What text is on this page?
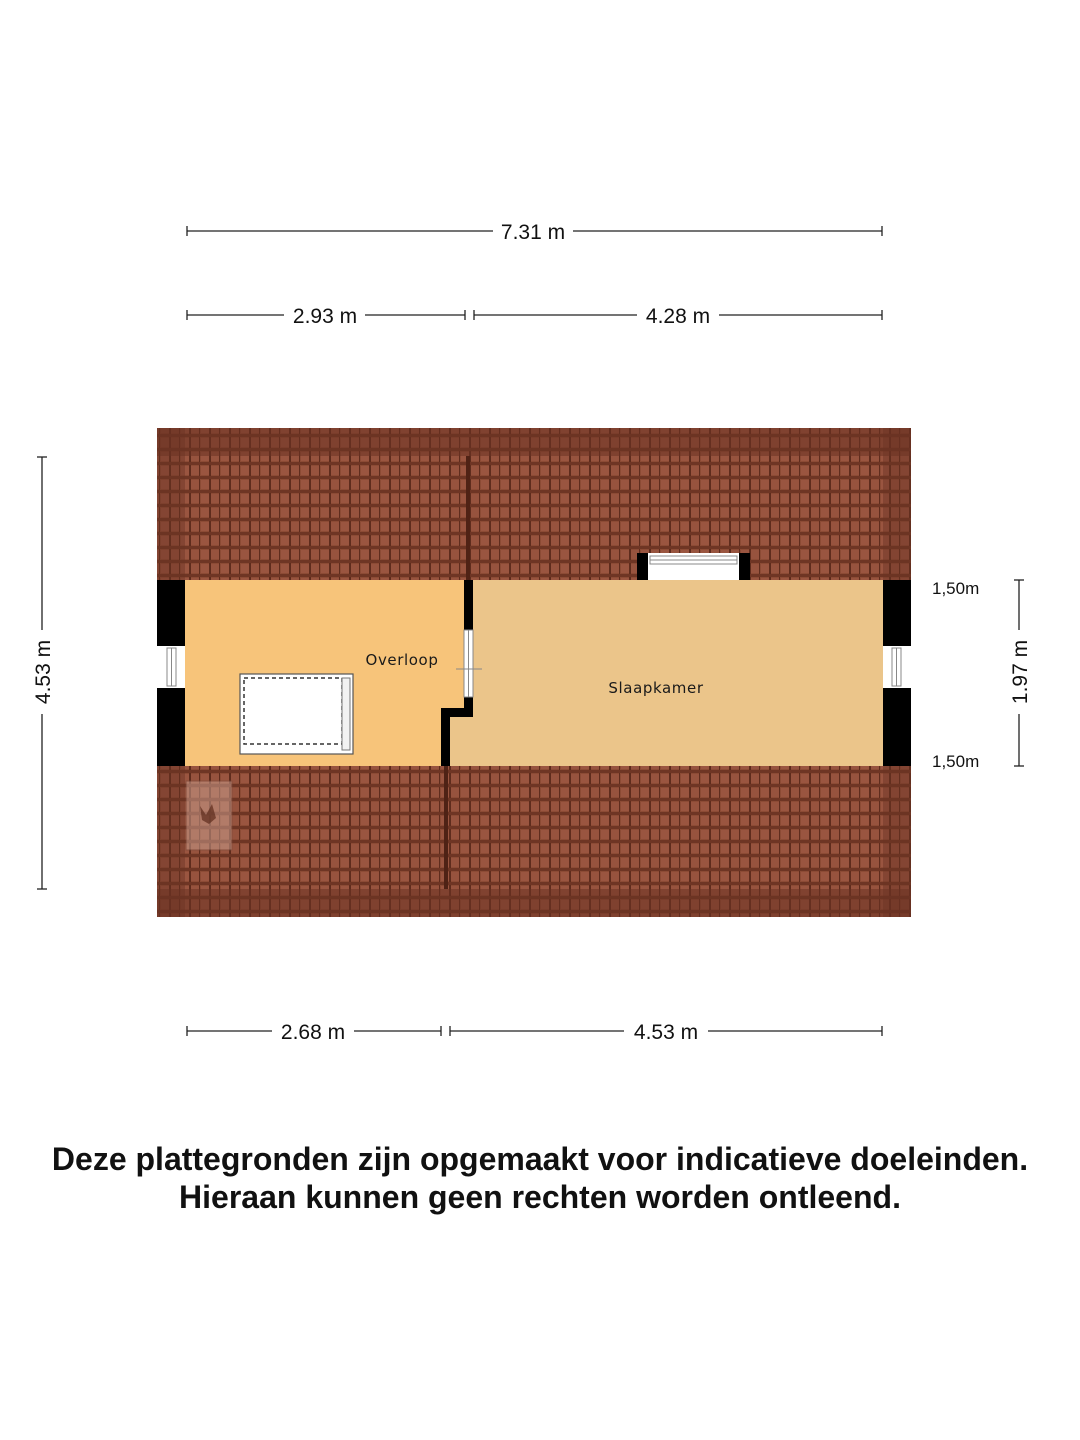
7.31 m
2.93 m	4.28 m
4.53 m	Overloop
Slaapkamer	1.97 m
1,50m
1,50m
2.68 m	4.53 m
Deze plattegronden zijn opgemaakt voor indicatieve doeleinden.
Hieraan kunnen geen rechten worden ontleend.
